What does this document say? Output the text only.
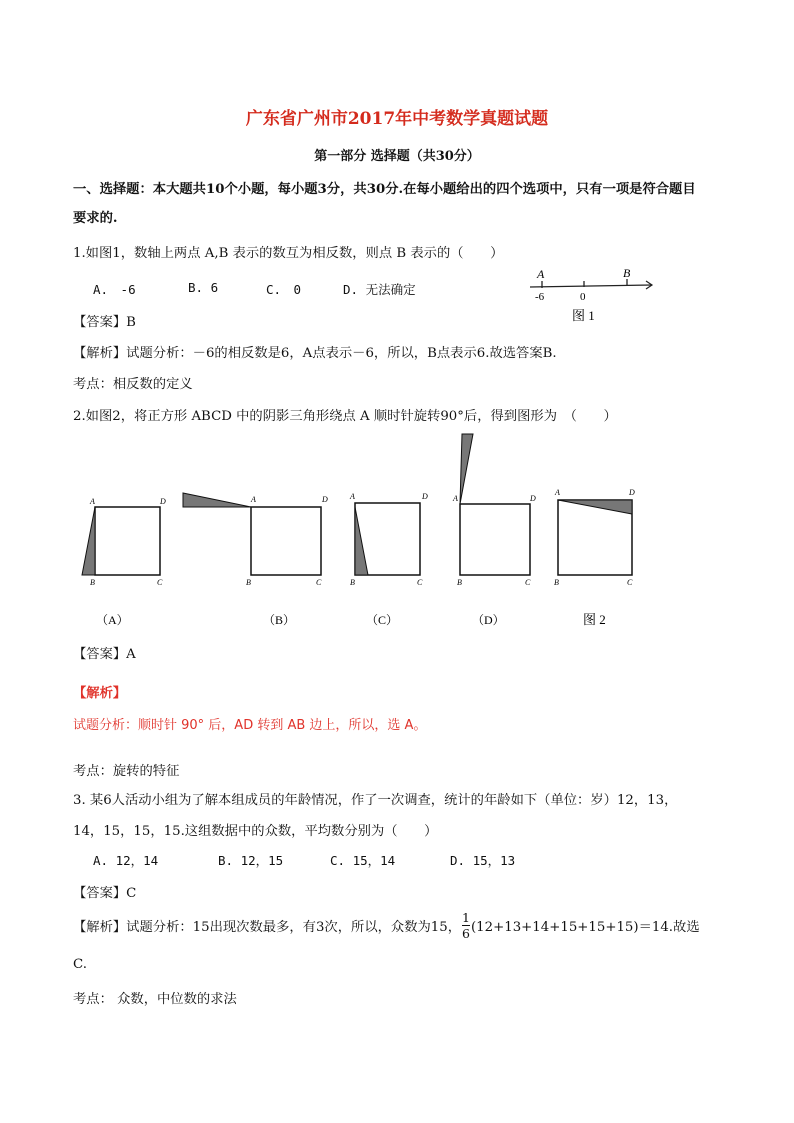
广东省广州市2017年中考数学真题试题
第一部分 选择题（共30分）
一、选择题：本大题共10个小题，每小题3分，共30分.在每小题给出的四个选项中，只有一项是符合题目
要求的.
1.如图1，数轴上两点 A,B 表示的数互为相反数，则点 B 表示的（　　）
A.　-6	B. 6	C.　0	D. 无法确定
A	B
-6	0
图 1
【答案】B
【解析】试题分析：－6的相反数是6，A点表示－6，所以，B点表示6.故选答案B.
考点：相反数的定义
2.如图2，将正方形 ABCD 中的阴影三角形绕点 A 顺时针旋转90°后，得到图形为　（　　）
A	D
B	C
（A）
A	D
B	C
（B）
A	D
B	C
（C）
A	D
B	C
（D）
A	D
B	C
图 2
【答案】A
【解析】
试题分析：顺时针 90° 后，AD 转到 AB 边上，所以，选 A。
考点：旋转的特征
3. 某6人活动小组为了解本组成员的年龄情况，作了一次调查，统计的年龄如下（单位：岁）12，13，
14，15，15，15.这组数据中的众数，平均数分别为（　　）
A. 12，14	B. 12，15	C. 15，14	D. 15，13
【答案】C
【解析】试题分析：15出现次数最多，有3次，所以，众数为15， $\frac{1}{6} (12+13+14+15+15+15)=14$.故选
C.
考点： 众数，中位数的求法
